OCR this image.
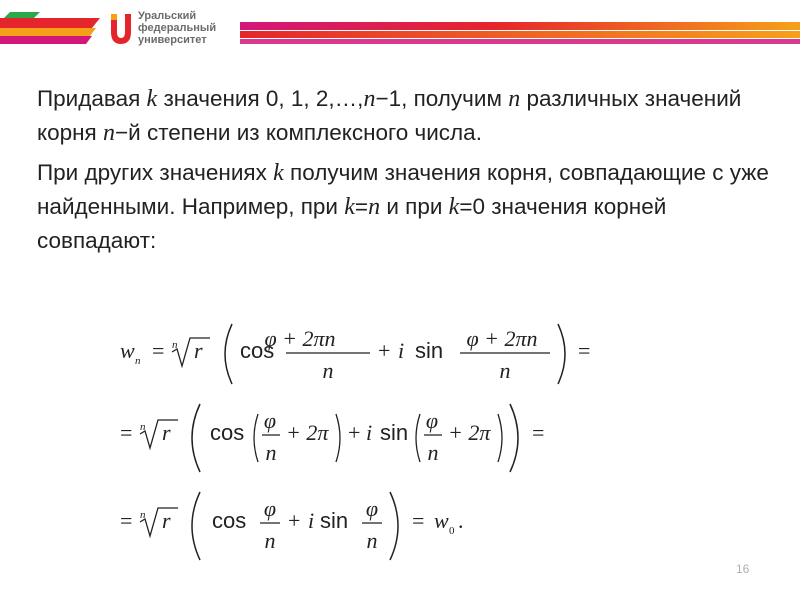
Уральский
федеральный
университет

Придавая k значения 0, 1, 2,…,n−1, получим n различных значений корня n−й степени из комплексного числа.

При других значениях k получим значения корня, совпадающие с уже найденными. Например, при k=n и при k=0 значения корней совпадают:

w n = n r cos
φ + 2πn
n
+ i sin φ + 2πn
n
=
= n r cos φ
n
+ 2π + i sin φ
n
+ 2π =
= n r cos φ
n
+ i sin φ
n
= w 0 .
16
